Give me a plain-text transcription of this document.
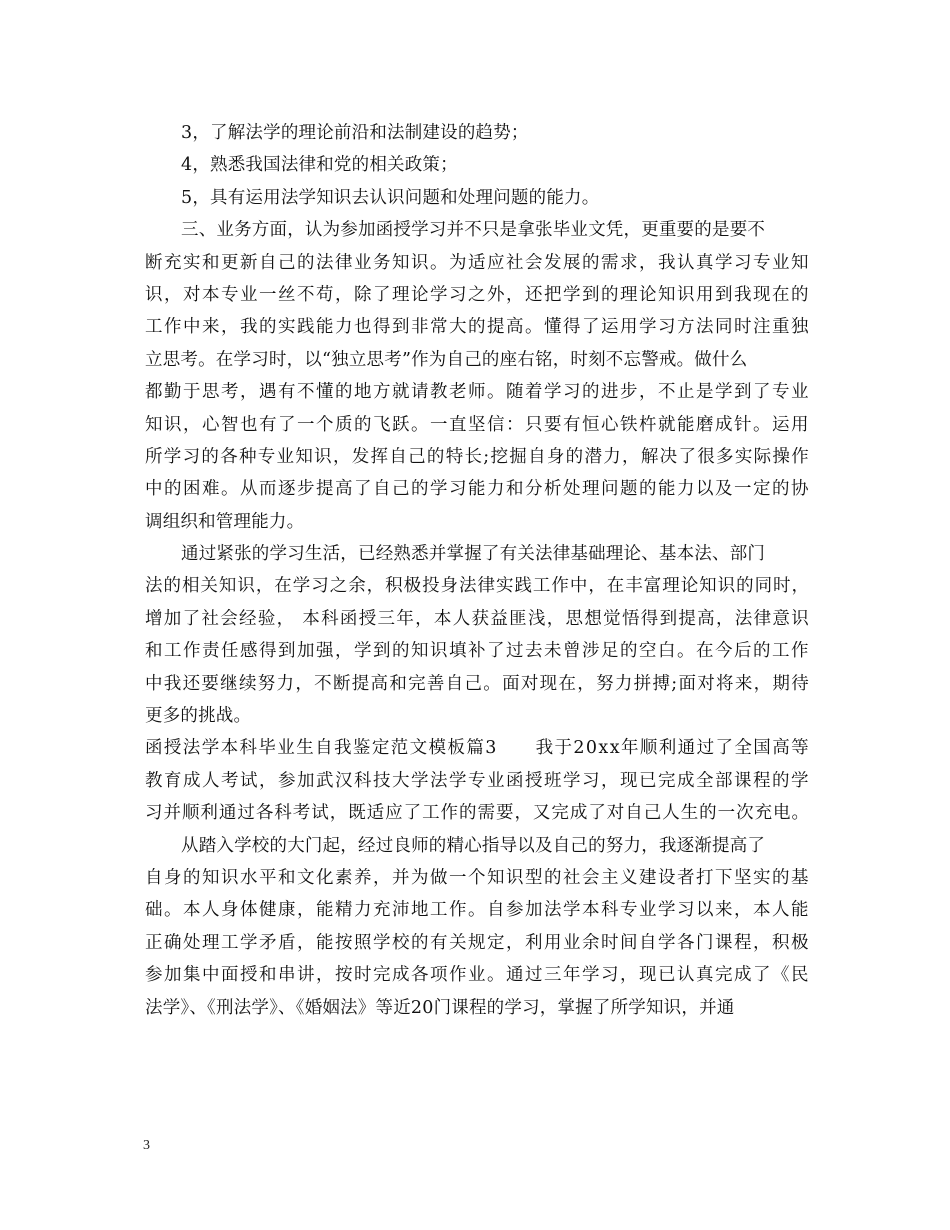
3，了解法学的理论前沿和法制建设的趋势；
4，熟悉我国法律和党的相关政策；
5，具有运用法学知识去认识问题和处理问题的能力。
三、业务方面，认为参加函授学习并不只是拿张毕业文凭，更重要的是要不
断充实和更新自己的法律业务知识。为适应社会发展的需求，我认真学习专业知
识，对本专业一丝不苟，除了理论学习之外，还把学到的理论知识用到我现在的
工作中来，我的实践能力也得到非常大的提高。懂得了运用学习方法同时注重独
立思考。在学习时，以“独立思考”作为自己的座右铭，时刻不忘警戒。做什么
都勤于思考，遇有不懂的地方就请教老师。随着学习的进步，不止是学到了专业
知识，心智也有了一个质的飞跃。一直坚信：只要有恒心铁杵就能磨成针。运用
所学习的各种专业知识，发挥自己的特长;挖掘自身的潜力，解决了很多实际操作
中的困难。从而逐步提高了自己的学习能力和分析处理问题的能力以及一定的协
调组织和管理能力。
通过紧张的学习生活，已经熟悉并掌握了有关法律基础理论、基本法、部门
法的相关知识，在学习之余，积极投身法律实践工作中，在丰富理论知识的同时，
增加了社会经验， 本科函授三年，本人获益匪浅，思想觉悟得到提高，法律意识
和工作责任感得到加强，学到的知识填补了过去未曾涉足的空白。在今后的工作
中我还要继续努力，不断提高和完善自己。面对现在，努力拼搏;面对将来，期待
更多的挑战。
函授法学本科毕业生自我鉴定范文模板篇3　　我于20xx年顺利通过了全国高等
教育成人考试，参加武汉科技大学法学专业函授班学习，现已完成全部课程的学
习并顺利通过各科考试，既适应了工作的需要，又完成了对自己人生的一次充电。
从踏入学校的大门起，经过良师的精心指导以及自己的努力，我逐渐提高了
自身的知识水平和文化素养，并为做一个知识型的社会主义建设者打下坚实的基
础。本人身体健康，能精力充沛地工作。自参加法学本科专业学习以来，本人能
正确处理工学矛盾，能按照学校的有关规定，利用业余时间自学各门课程，积极
参加集中面授和串讲，按时完成各项作业。通过三年学习，现已认真完成了《民
法学》、《刑法学》、《婚姻法》等近20门课程的学习，掌握了所学知识，并通
3
